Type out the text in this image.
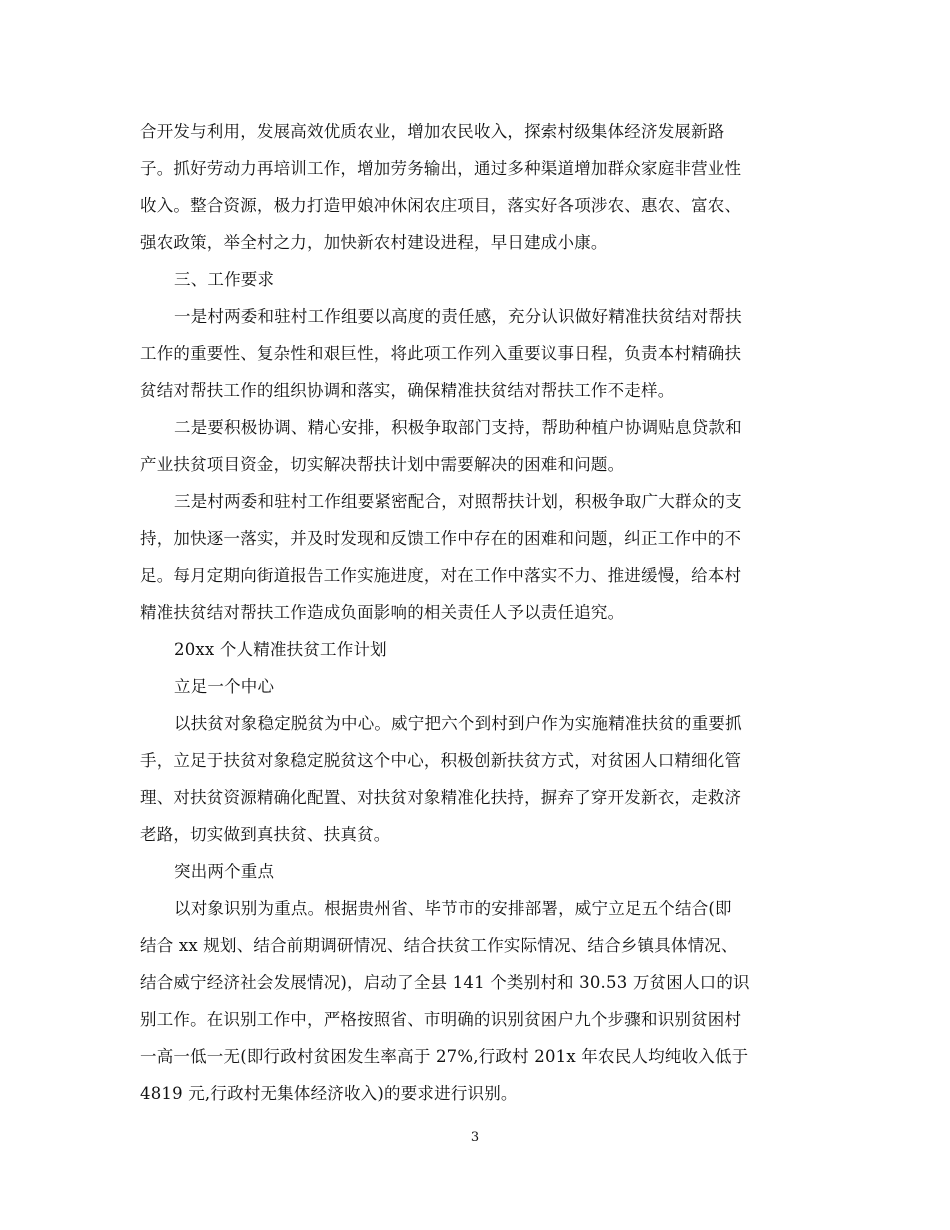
合开发与利用，发展高效优质农业，增加农民收入，探索村级集体经济发展新路
子。抓好劳动力再培训工作，增加劳务输出，通过多种渠道增加群众家庭非营业性
收入。整合资源，极力打造甲娘冲休闲农庄项目，落实好各项涉农、惠农、富农、
强农政策，举全村之力，加快新农村建设进程，早日建成小康。
三、工作要求
一是村两委和驻村工作组要以高度的责任感，充分认识做好精准扶贫结对帮扶
工作的重要性、复杂性和艰巨性，将此项工作列入重要议事日程，负责本村精确扶
贫结对帮扶工作的组织协调和落实，确保精准扶贫结对帮扶工作不走样。
二是要积极协调、精心安排，积极争取部门支持，帮助种植户协调贴息贷款和
产业扶贫项目资金，切实解决帮扶计划中需要解决的困难和问题。
三是村两委和驻村工作组要紧密配合，对照帮扶计划，积极争取广大群众的支
持，加快逐一落实，并及时发现和反馈工作中存在的困难和问题，纠正工作中的不
足。每月定期向街道报告工作实施进度，对在工作中落实不力、推进缓慢，给本村
精准扶贫结对帮扶工作造成负面影响的相关责任人予以责任追究。
20xx 个人精准扶贫工作计划
立足一个中心
以扶贫对象稳定脱贫为中心。威宁把六个到村到户作为实施精准扶贫的重要抓
手，立足于扶贫对象稳定脱贫这个中心，积极创新扶贫方式，对贫困人口精细化管
理、对扶贫资源精确化配置、对扶贫对象精准化扶持，摒弃了穿开发新衣，走救济
老路，切实做到真扶贫、扶真贫。
突出两个重点
以对象识别为重点。根据贵州省、毕节市的安排部署，威宁立足五个结合(即
结合 xx 规划、结合前期调研情况、结合扶贫工作实际情况、结合乡镇具体情况、
结合威宁经济社会发展情况)，启动了全县 141 个类别村和 30.53 万贫困人口的识
别工作。在识别工作中，严格按照省、市明确的识别贫困户九个步骤和识别贫困村
一高一低一无(即行政村贫困发生率高于 27%,行政村 201x 年农民人均纯收入低于
4819 元,行政村无集体经济收入)的要求进行识别。
3
